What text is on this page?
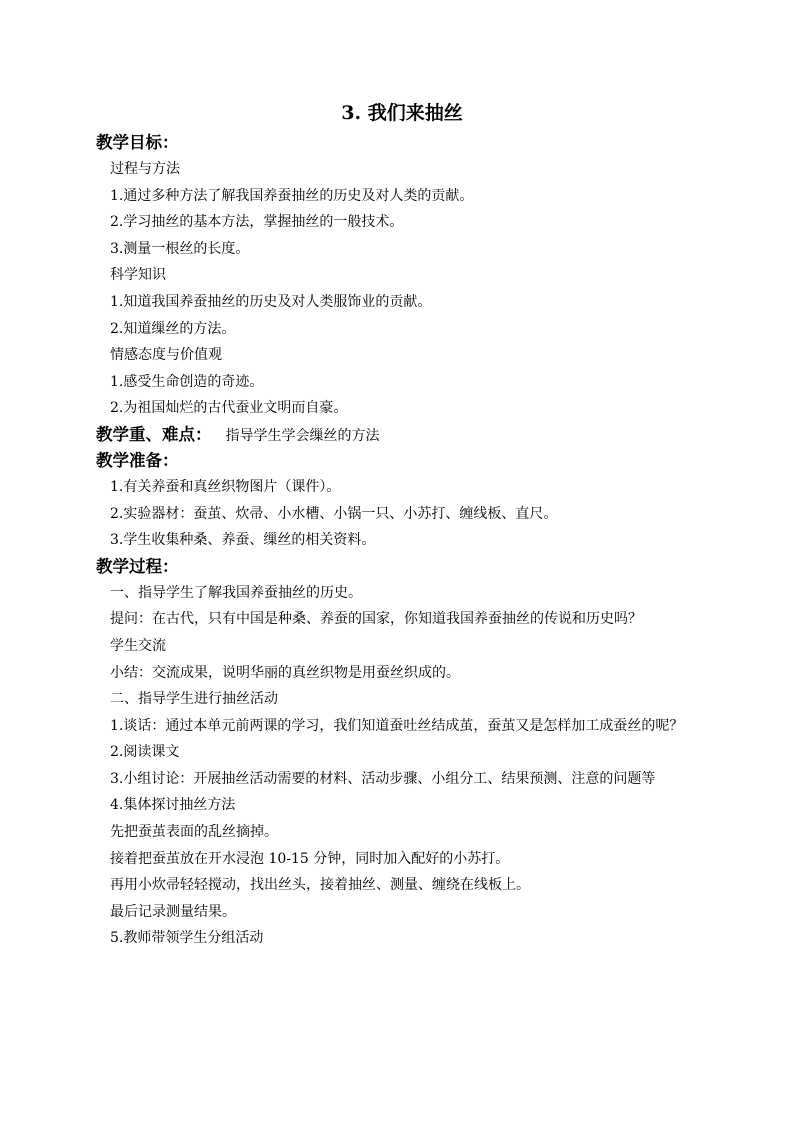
3. 我们来抽丝
教学目标：
过程与方法
1.通过多种方法了解我国养蚕抽丝的历史及对人类的贡献。
2.学习抽丝的基本方法，掌握抽丝的一般技术。
3.测量一根丝的长度。
科学知识
1.知道我国养蚕抽丝的历史及对人类服饰业的贡献。
2.知道缫丝的方法。
情感态度与价值观
1.感受生命创造的奇迹。
2.为祖国灿烂的古代蚕业文明而自豪。
教学重、难点： 指导学生学会缫丝的方法
教学准备：
1.有关养蚕和真丝织物图片（课件）。
2.实验器材：蚕茧、炊帚、小水槽、小锅一只、小苏打、缠线板、直尺。
3.学生收集种桑、养蚕、缫丝的相关资料。
教学过程：
一、指导学生了解我国养蚕抽丝的历史。
提问：在古代，只有中国是种桑、养蚕的国家，你知道我国养蚕抽丝的传说和历史吗？
学生交流
小结：交流成果，说明华丽的真丝织物是用蚕丝织成的。
二、指导学生进行抽丝活动
1.谈话：通过本单元前两课的学习，我们知道蚕吐丝结成茧，蚕茧又是怎样加工成蚕丝的呢？
2.阅读课文
3.小组讨论：开展抽丝活动需要的材料、活动步骤、小组分工、结果预测、注意的问题等
4.集体探讨抽丝方法
先把蚕茧表面的乱丝摘掉。
接着把蚕茧放在开水浸泡 10-15 分钟，同时加入配好的小苏打。
再用小炊帚轻轻搅动，找出丝头，接着抽丝、测量、缠绕在线板上。
最后记录测量结果。
5.教师带领学生分组活动
